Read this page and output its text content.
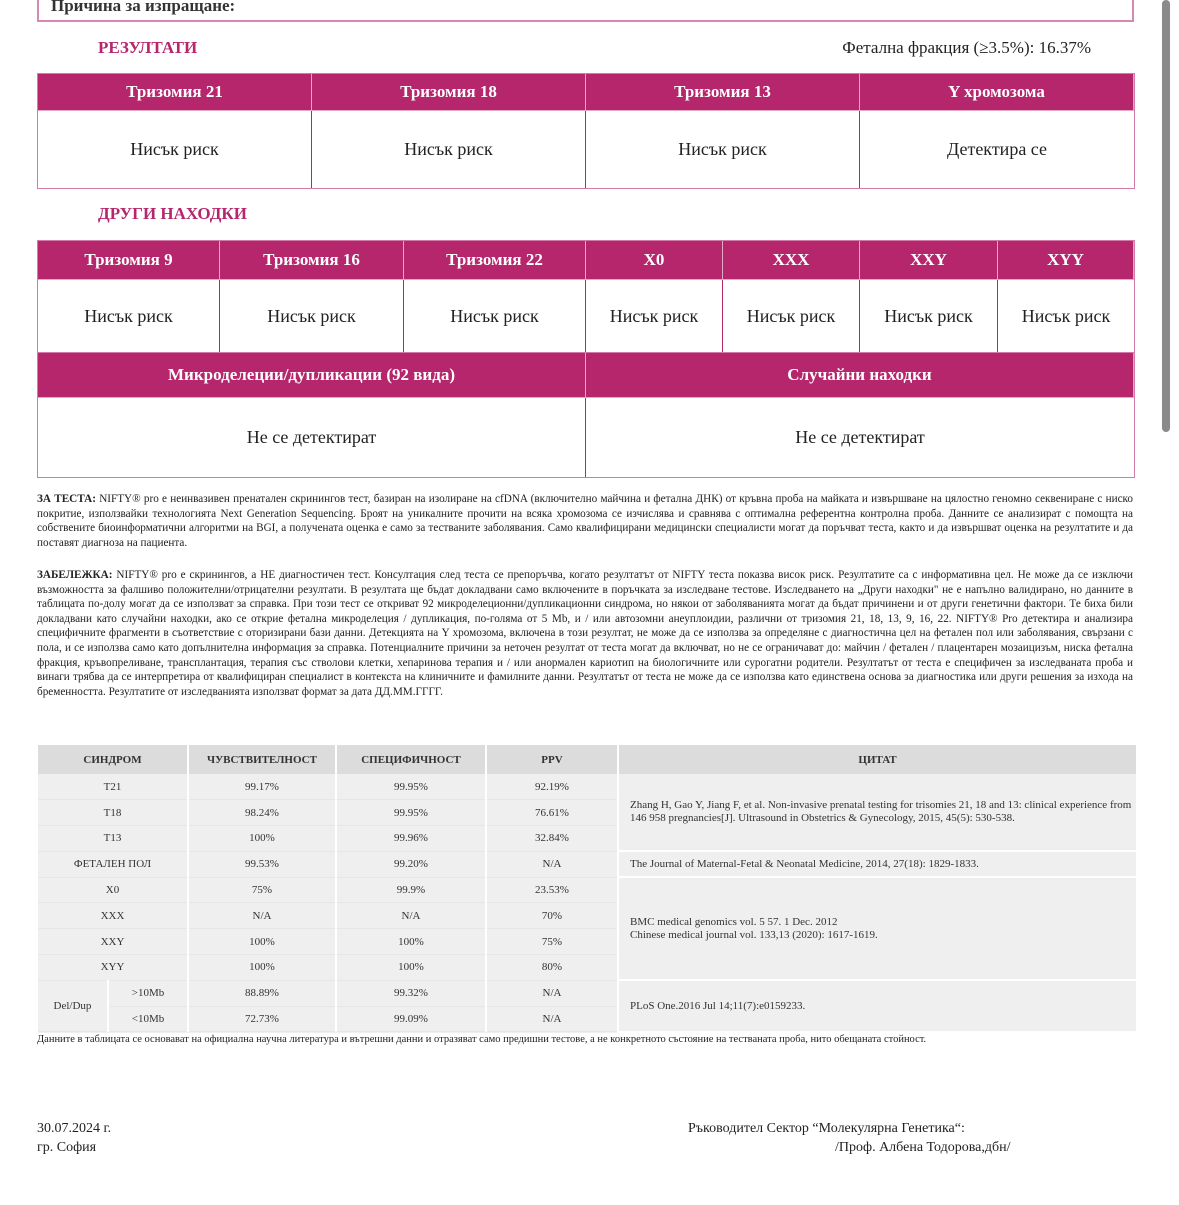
Причина за изпращане:
РЕЗУЛТАТИ	Фетална фракция (≥3.5%): 16.37%
Тризомия 21	Тризомия 18	Тризомия 13	Y хромозома
Нисък риск	Нисък риск	Нисък риск	Детектира се
ДРУГИ НАХОДКИ
Тризомия 9	Тризомия 16	Тризомия 22	X0	XXX	XXY	XYY
Нисък риск	Нисък риск	Нисък риск	Нисък риск	Нисък риск	Нисък риск	Нисък риск
Микроделеции/дупликации (92 вида)	Случайни находки
Не се детектират	Не се детектират
ЗА ТЕСТА: NIFTY® pro е неинвазивен пренатален скринингов тест, базиран на изолиране на cfDNA (включително майчина и фетална ДНК) от кръвна проба на майката и извършване на цялостно геномно секвениране с ниско покритие, използвайки технологията Next Generation Sequencing. Броят на уникалните прочити на всяка хромозома се изчислява и сравнява с оптимална референтна контролна проба. Данните се анализират с помощта на собствените биоинформатични алгоритми на BGI, а получената оценка е само за тестваните заболявания. Само квалифицирани медицински специалисти могат да поръчват теста, както и да извършват оценка на резултатите и да поставят диагноза на пациента.
ЗАБЕЛЕЖКА: NIFTY® pro е скринингов, а НЕ диагностичен тест. Консултация след теста се препоръчва, когато резултатът от NIFTY теста показва висок риск. Резултатите са с информативна цел. Не може да се изключи възможността за фалшиво положителни/отрицателни резултати. В резултата ще бъдат докладвани само включените в поръчката за изследване тестове. Изследването на „Други находки" не е напълно валидирано, но данните в таблицата по-долу могат да се използват за справка. При този тест се откриват 92 микроделеционни/дупликационни синдрома, но някои от заболяванията могат да бъдат причинени и от други генетични фактори. Те биха били докладвани като случайни находки, ако се открие фетална микроделеция / дупликация, по-голяма от 5 Mb, и / или автозомни анеуплоидии, различни от тризомия 21, 18, 13, 9, 16, 22. NIFTY® Pro детектира и анализира специфичните фрагменти в съответствие с оторизирани бази данни. Детекцията на Y хромозома, включена в този резултат, не може да се използва за определяне с диагностична цел на фетален пол или заболявания, свързани с пола, и се използва само като допълнителна информация за справка. Потенциалните причини за неточен резултат от теста могат да включват, но не се ограничават до: майчин / фетален / плацентарен мозаицизъм, ниска фетална фракция, кръвопреливане, трансплантация, терапия със стволови клетки, хепаринова терапия и / или анормален кариотип на биологичните или сурогатни родители. Резултатът от теста е специфичен за изследваната проба и винаги трябва да се интерпретира от квалифициран специалист в контекста на клиничните и фамилните данни. Резултатът от теста не може да се използва като единствена основа за диагностика или други решения за изхода на бременността. Резултатите от изследванията използват формат за дата ДД.ММ.ГГГГ.
СИНДРОМ		ЧУВСТВИТЕЛНОСТ	СПЕЦИФИЧНОСТ	PPV	ЦИТАТ
T21		99.17%	99.95%	92.19%	Zhang H, Gao Y, Jiang F, et al. Non-invasive prenatal testing for trisomies 21, 18 and 13: clinical experience from 146 958 pregnancies[J]. Ultrasound in Obstetrics & Gynecology, 2015, 45(5): 530-538.
T18		98.24%	99.95%	76.61%	
T13		100%	99.96%	32.84%	
ФЕТАЛЕН ПОЛ		99.53%	99.20%	N/A	The Journal of Maternal-Fetal & Neonatal Medicine, 2014, 27(18): 1829-1833.
X0		75%	99.9%	23.53%	BMC medical genomics vol. 5 57. 1 Dec. 2012
Chinese medical journal vol. 133,13 (2020): 1617-1619.
XXX		N/A	N/A	70%	
XXY		100%	100%	75%	
XYY		100%	100%	80%	
Del/Dup	>10Mb	88.89%	99.32%	N/A	PLoS One.2016 Jul 14;11(7):e0159233.
	<10Mb	72.73%	99.09%	N/A	
Данните в таблицата се основават на официална научна литература и вътрешни данни и отразяват само предишни тестове, а не конкретното състояние на тестваната проба, нито обещаната стойност.
30.07.2024 г.
гр. София
Ръководител Сектор “Молекулярна Генетика“:
/Проф. Албена Тодорова,дбн/
